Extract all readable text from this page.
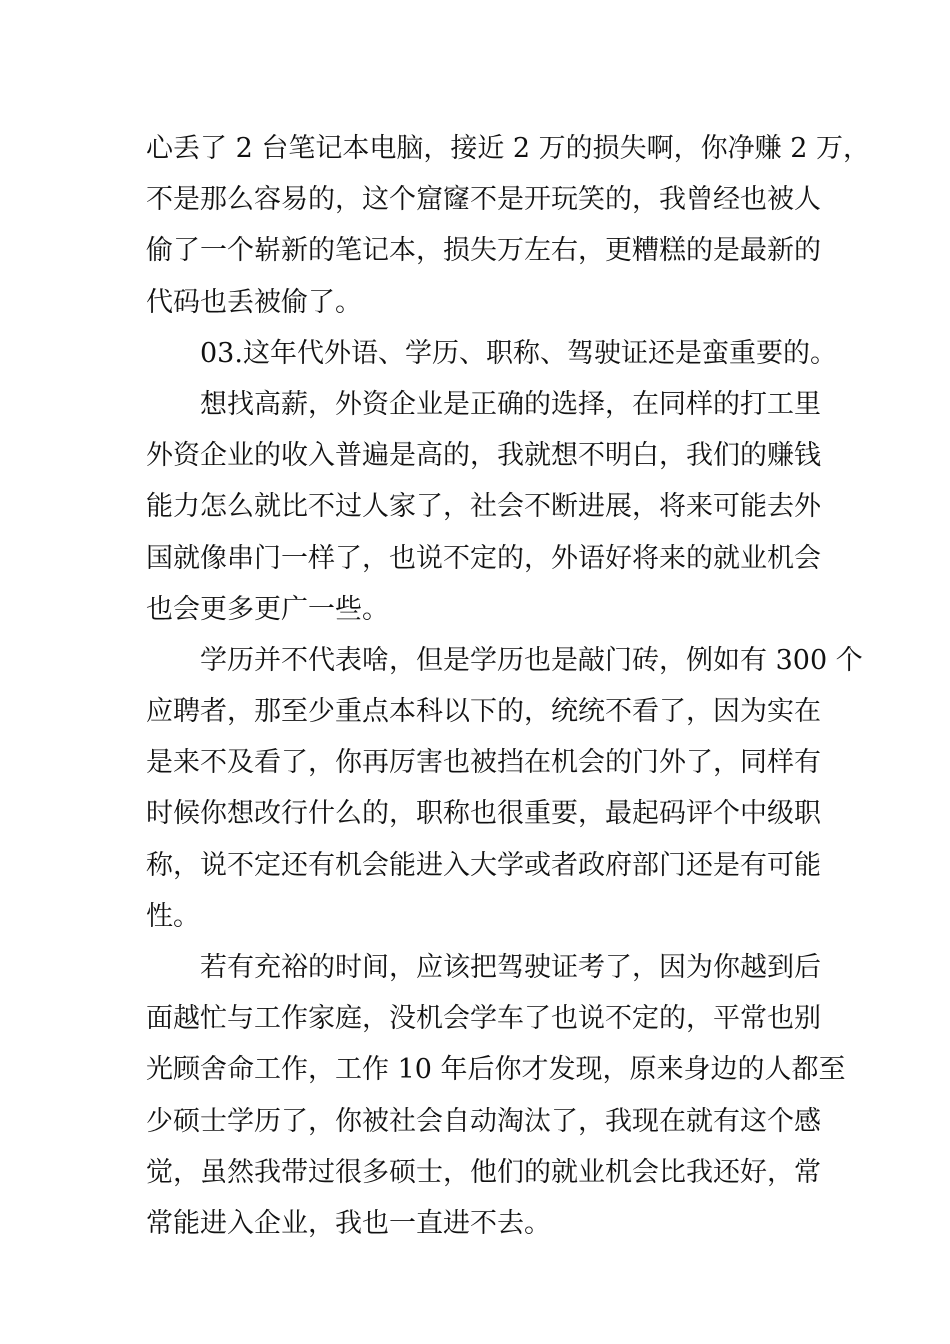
心丢了 2 台笔记本电脑，接近 2 万的损失啊，你净赚 2 万，
不是那么容易的，这个窟窿不是开玩笑的，我曾经也被人
偷了一个崭新的笔记本，损失万左右，更糟糕的是最新的
代码也丢被偷了。
03.这年代外语、学历、职称、驾驶证还是蛮重要的。
想找高薪，外资企业是正确的选择，在同样的打工里
外资企业的收入普遍是高的，我就想不明白，我们的赚钱
能力怎么就比不过人家了，社会不断进展，将来可能去外
国就像串门一样了，也说不定的，外语好将来的就业机会
也会更多更广一些。
学历并不代表啥，但是学历也是敲门砖，例如有 300 个
应聘者，那至少重点本科以下的，统统不看了，因为实在
是来不及看了，你再厉害也被挡在机会的门外了，同样有
时候你想改行什么的，职称也很重要，最起码评个中级职
称，说不定还有机会能进入大学或者政府部门还是有可能
性。
若有充裕的时间，应该把驾驶证考了，因为你越到后
面越忙与工作家庭，没机会学车了也说不定的，平常也别
光顾舍命工作，工作 10 年后你才发现，原来身边的人都至
少硕士学历了，你被社会自动淘汰了，我现在就有这个感
觉，虽然我带过很多硕士，他们的就业机会比我还好，常
常能进入企业，我也一直进不去。
